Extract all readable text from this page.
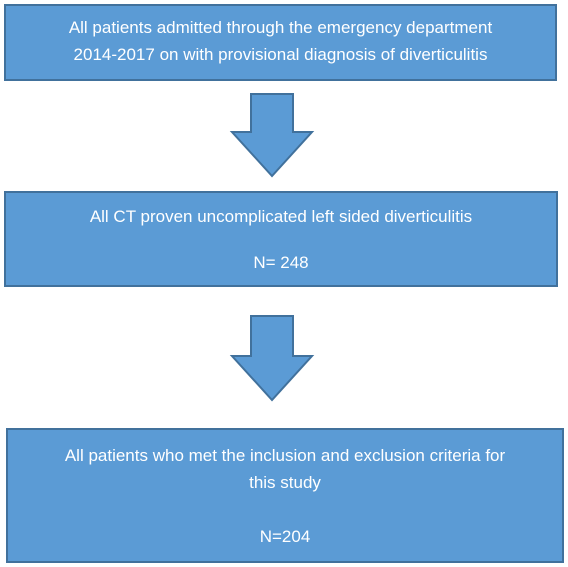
All patients admitted through the emergency department

2014-2017 on with provisional diagnosis of diverticulitis

All CT proven uncomplicated left sided diverticulitis

N= 248

All patients who met the inclusion and exclusion criteria for

this study

N=204
